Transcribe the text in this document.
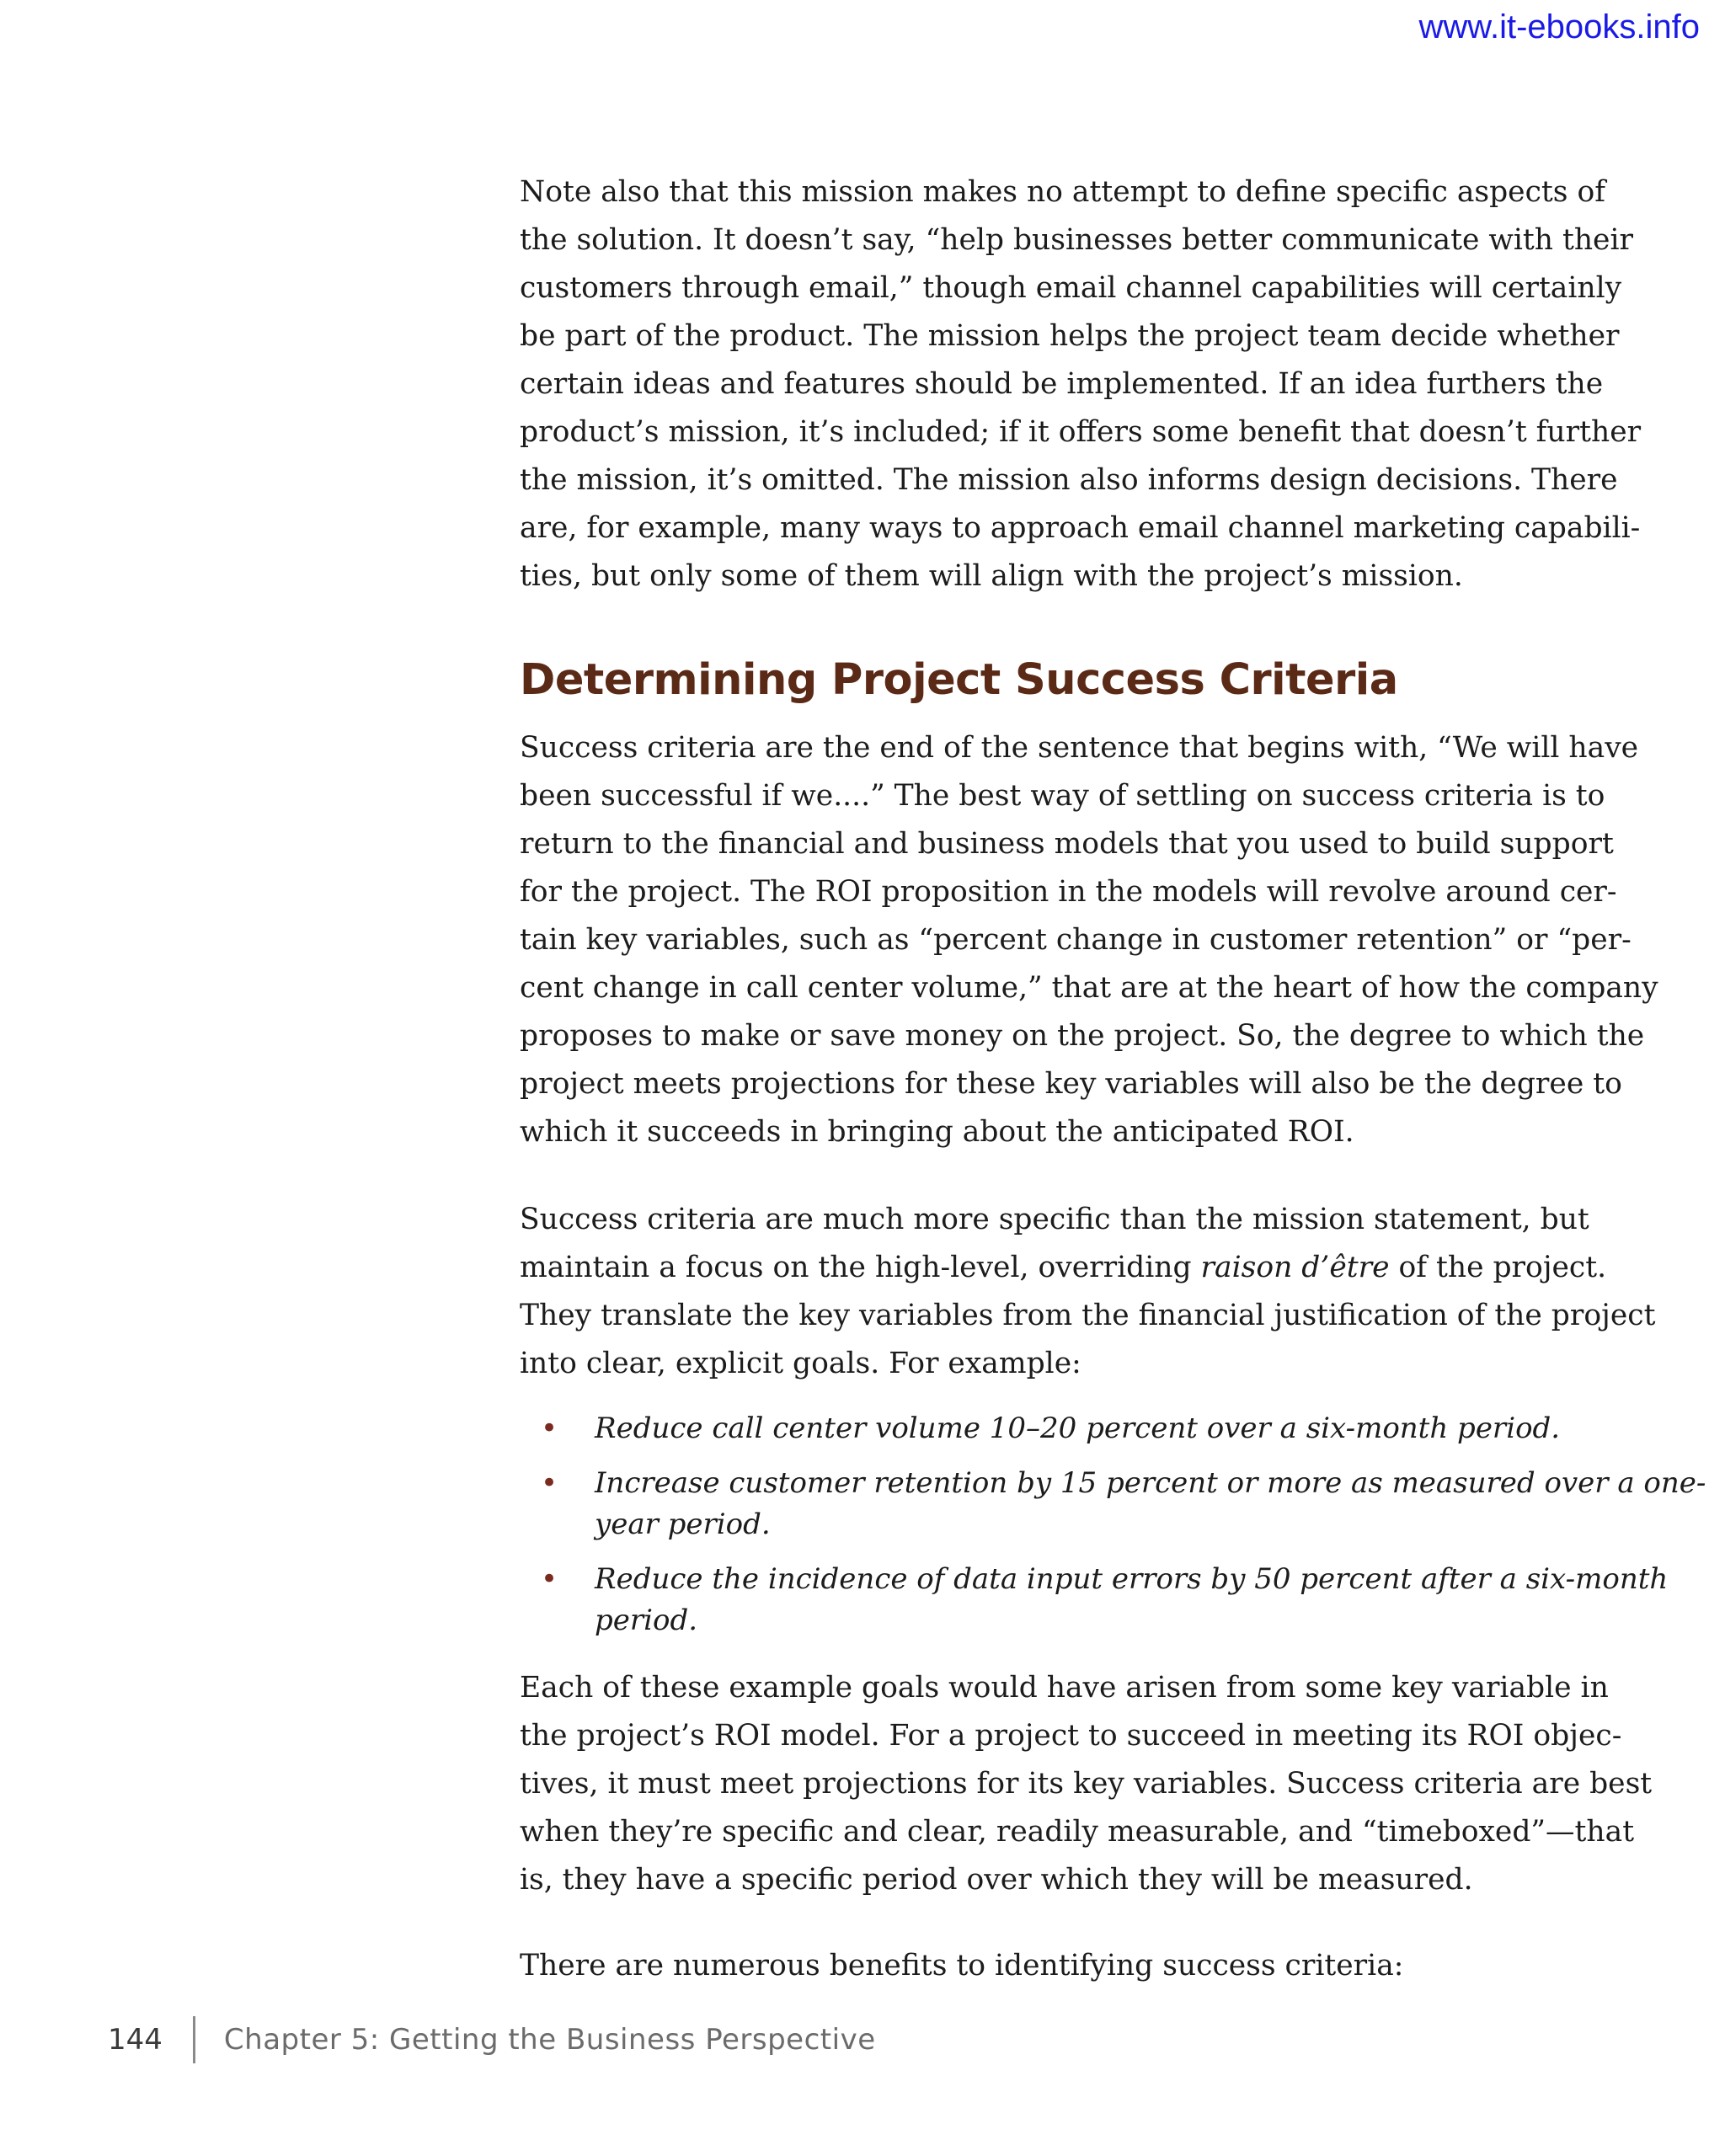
www.it-ebooks.info

Note also that this mission makes no attempt to define specific aspects of
the solution. It doesn’t say, “help businesses better communicate with their
customers through email,” though email channel capabilities will certainly
be part of the product. The mission helps the project team decide whether
certain ideas and features should be implemented. If an idea furthers the
product’s mission, it’s included; if it offers some benefit that doesn’t further
the mission, it’s omitted. The mission also informs design decisions. There
are, for example, many ways to approach email channel marketing capabili-
ties, but only some of them will align with the project’s mission.

Determining Project Success Criteria

Success criteria are the end of the sentence that begins with, “We will have
been successful if we....” The best way of settling on success criteria is to
return to the financial and business models that you used to build support
for the project. The ROI proposition in the models will revolve around cer-
tain key variables, such as “percent change in customer retention” or “per-
cent change in call center volume,” that are at the heart of how the company
proposes to make or save money on the project. So, the degree to which the
project meets projections for these key variables will also be the degree to
which it succeeds in bringing about the anticipated ROI.

Success criteria are much more specific than the mission statement, but
maintain a focus on the high-level, overriding raison d’être of the project.
They translate the key variables from the financial justification of the project
into clear, explicit goals. For example:

• Reduce call center volume 10–20 percent over a six-month period.
• Increase customer retention by 15 percent or more as measured over a one-
year period.
• Reduce the incidence of data input errors by 50 percent after a six-month
period.

Each of these example goals would have arisen from some key variable in
the project’s ROI model. For a project to succeed in meeting its ROI objec-
tives, it must meet projections for its key variables. Success criteria are best
when they’re specific and clear, readily measurable, and “timeboxed”—that
is, they have a specific period over which they will be measured.

There are numerous benefits to identifying success criteria:

144 Chapter 5: Getting the Business Perspective
